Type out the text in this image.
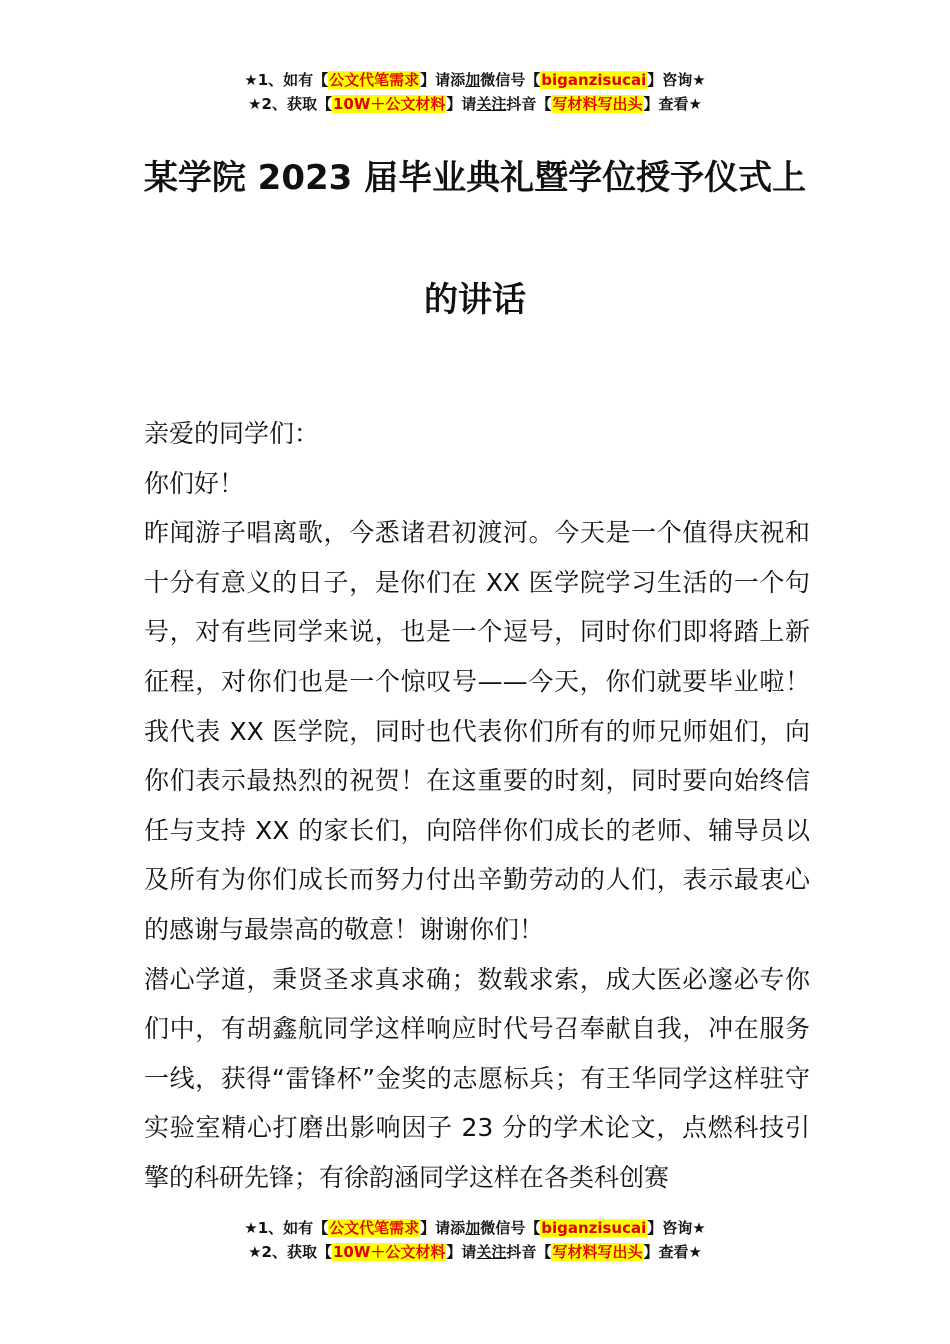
★1、如有【公文代笔需求】请添加微信号【biganzisucai】咨询★
★2、获取【10W＋公文材料】请关注抖音【写材料写出头】查看★
某学院 2023 届毕业典礼暨学位授予仪式上
的讲话

亲爱的同学们：

你们好！

昨闻游子唱离歌，今悉诸君初渡河。今天是一个值得庆祝和十分有意义的日子，是你们在 XX 医学院学习生活的一个句号，对有些同学来说，也是一个逗号，同时你们即将踏上新征程，对你们也是一个惊叹号——今天，你们就要毕业啦！我代表 XX 医学院，同时也代表你们所有的师兄师姐们，向你们表示最热烈的祝贺！在这重要的时刻，同时要向始终信任与支持 XX 的家长们，向陪伴你们成长的老师、辅导员以及所有为你们成长而努力付出辛勤劳动的人们，表示最衷心的感谢与最崇高的敬意！谢谢你们！

潜心学道，秉贤圣求真求确；数载求索，成大医必邃必专你们中，有胡鑫航同学这样响应时代号召奉献自我，冲在服务一线，获得“雷锋杯”金奖的志愿标兵；有王华同学这样驻守实验室精心打磨出影响因子 23 分的学术论文，点燃科技引擎的科研先锋；有徐韵涵同学这样在各类科创赛

★1、如有【公文代笔需求】请添加微信号【biganzisucai】咨询★
★2、获取【10W＋公文材料】请关注抖音【写材料写出头】查看★
